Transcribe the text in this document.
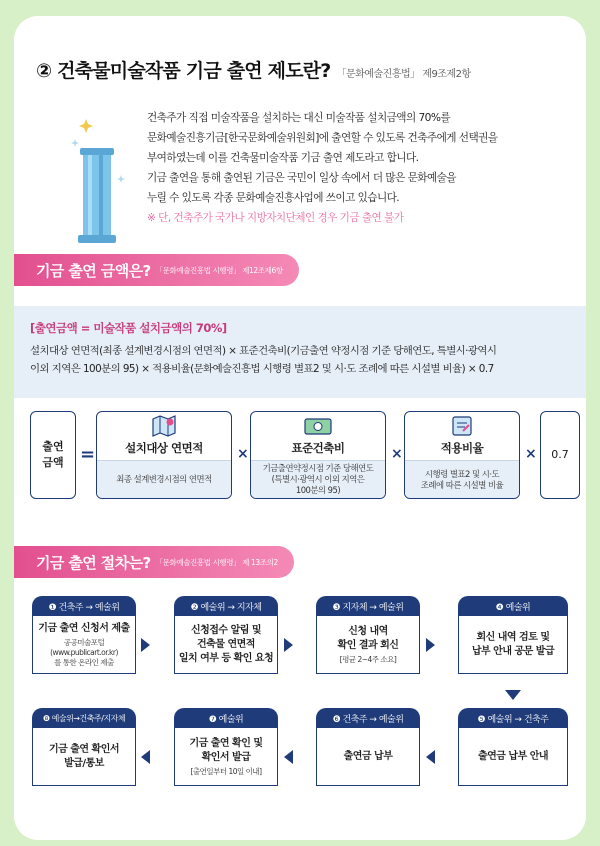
② 건축물미술작품 기금 출연 제도란? 「문화예술진흥법」 제9조제2항

건축주가 직접 미술작품을 설치하는 대신 미술작품 설치금액의 70%를

문화예술진흥기금[한국문화예술위원회]에 출연할 수 있도록 건축주에게 선택권을

부여하였는데 이를 건축물미술작품 기금 출연 제도라고 합니다.

기금 출연을 통해 출연된 기금은 국민이 일상 속에서 더 많은 문화예술을

누릴 수 있도록 각종 문화예술진흥사업에 쓰이고 있습니다.

※ 단, 건축주가 국가나 지방자치단체인 경우 기금 출연 불가

기금 출연 금액은? 「문화예술진흥법 시행령」 제12조제6항
[출연금액 = 미술작품 설치금액의 70%]

설치대상 연면적(최종 설계변경시점의 연면적) × 표준건축비(기금출연 약정시점 기준 당해연도, 특별시·광역시

이외 지역은 100분의 95) × 적용비율(문화예술진흥법 시행령 별표2 및 시·도 조례에 따른 시설별 비율) × 0.7

출연
금액 =	설치대상 연면적
최종 설계변경시점의 연면적
×	표준건축비
기금출연약정시점 기준 당해연도
(특별시·광역시 이외 지역은
100분의 95)
×	적용비율
시행령 별표2 및 시·도
조례에 따른 시설별 비율
×	0.7
기금 출연 절차는? 「문화예술진흥법 시행령」 제 13조의2
❶ 건축주 → 예술위
기금 출연 신청서 제출
공공미술포털
(www.publicart.or.kr)
를 통한 온라인 제출
❷ 예술위 → 지자체
신청접수 알림 및
건축물 연면적
일치 여부 등 확인 요청
❸ 지자체 → 예술위
신청 내역
확인 결과 회신
[평균 2~4주 소요]
❹ 예술위
회신 내역 검토 및
납부 안내 공문 발급
❺ 예술위 → 건축주
출연금 납부 안내
❻ 건축주 → 예술위
출연금 납부
❼ 예술위
기금 출연 확인 및
확인서 발급
[출연일부터 10일 이내]
❽ 예술위→건축주/지자체
기금 출연 확인서
발급/통보
